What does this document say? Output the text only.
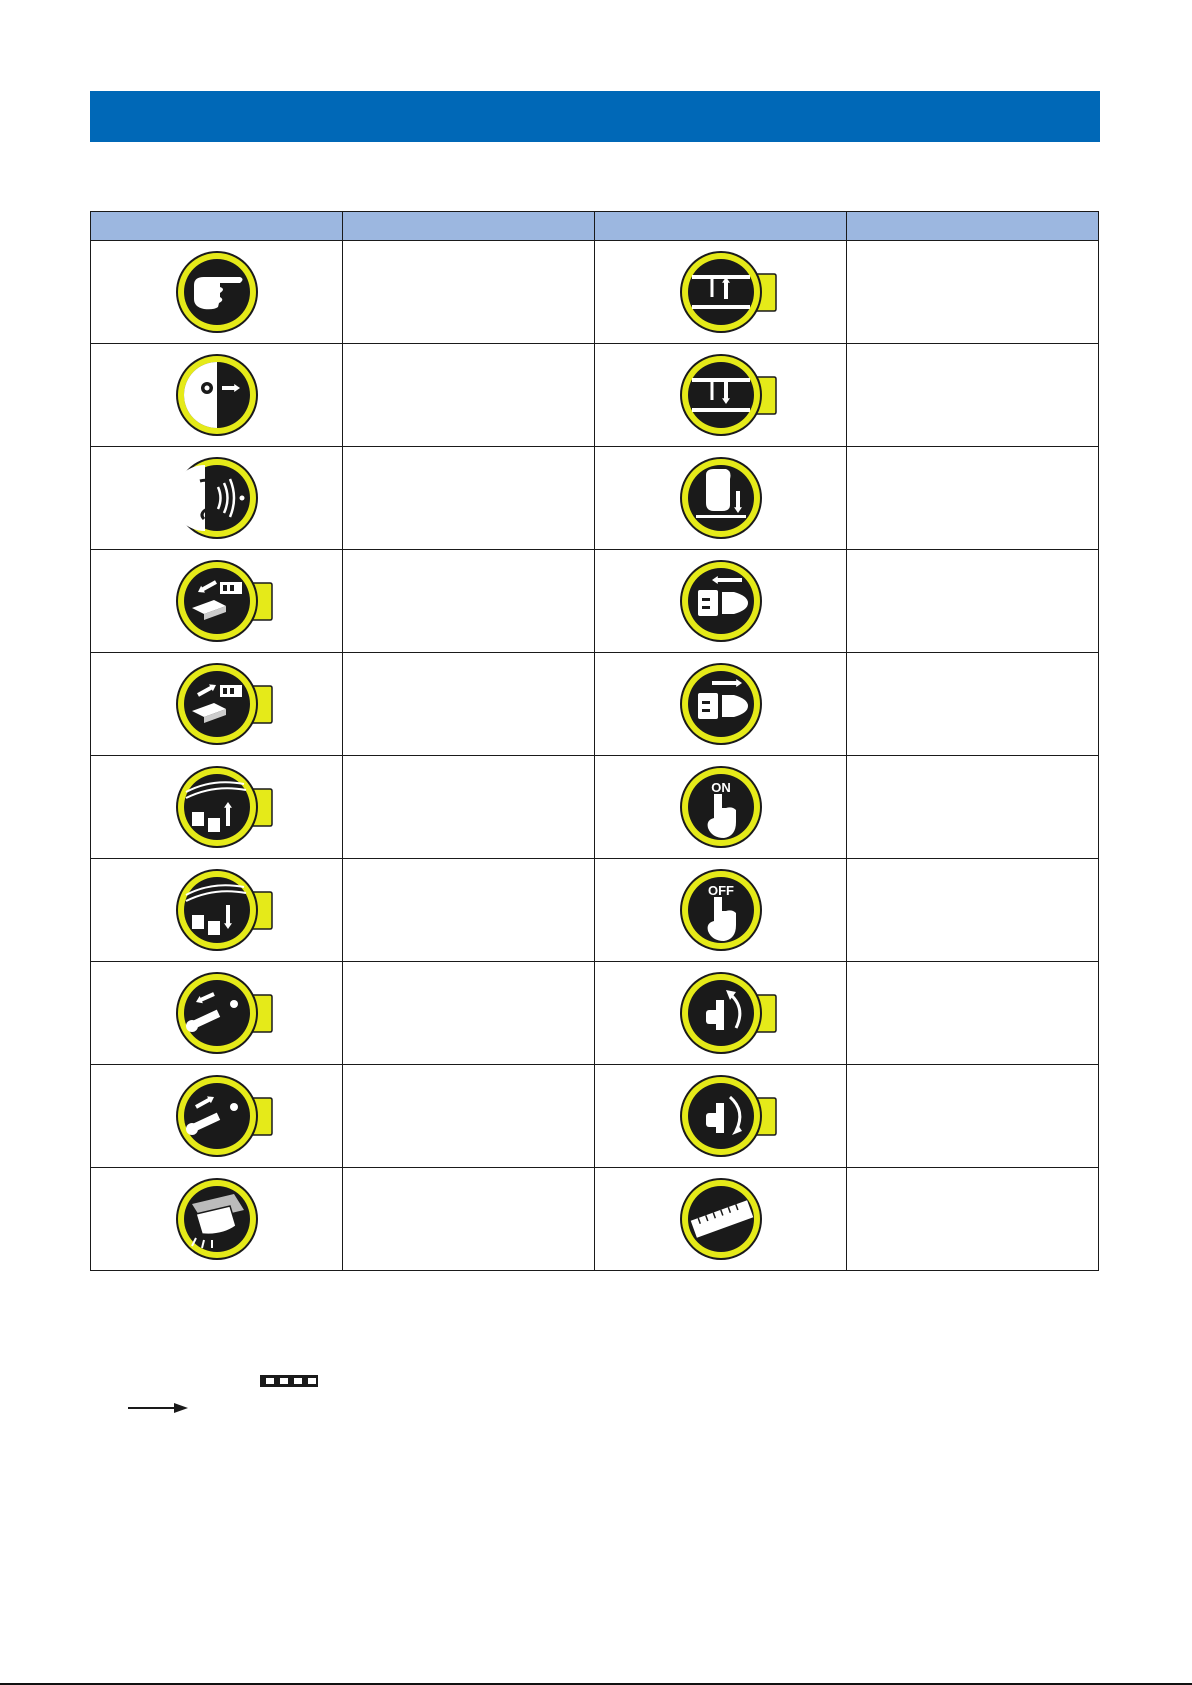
ON	

OFF	
